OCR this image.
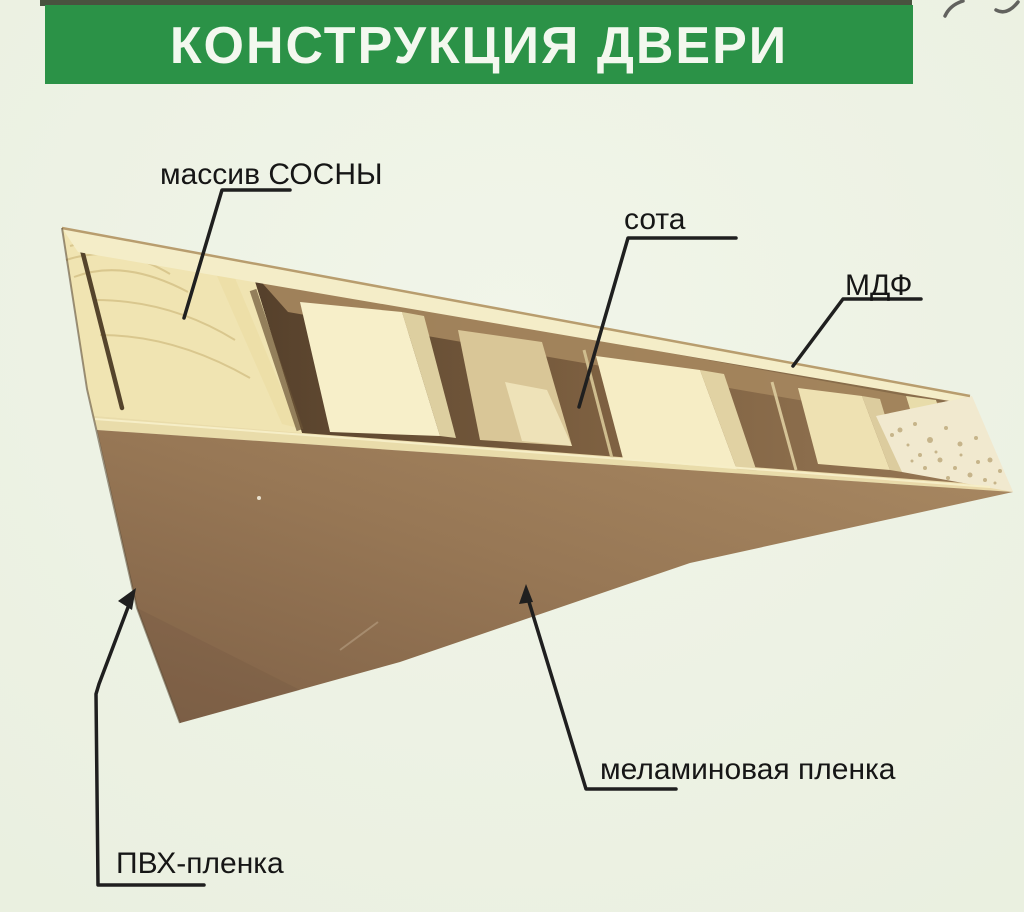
КОНСТРУКЦИЯ ДВЕРИ
массив СОСНЫ
сота
МДФ
меламиновая пленка
ПВХ-пленка
